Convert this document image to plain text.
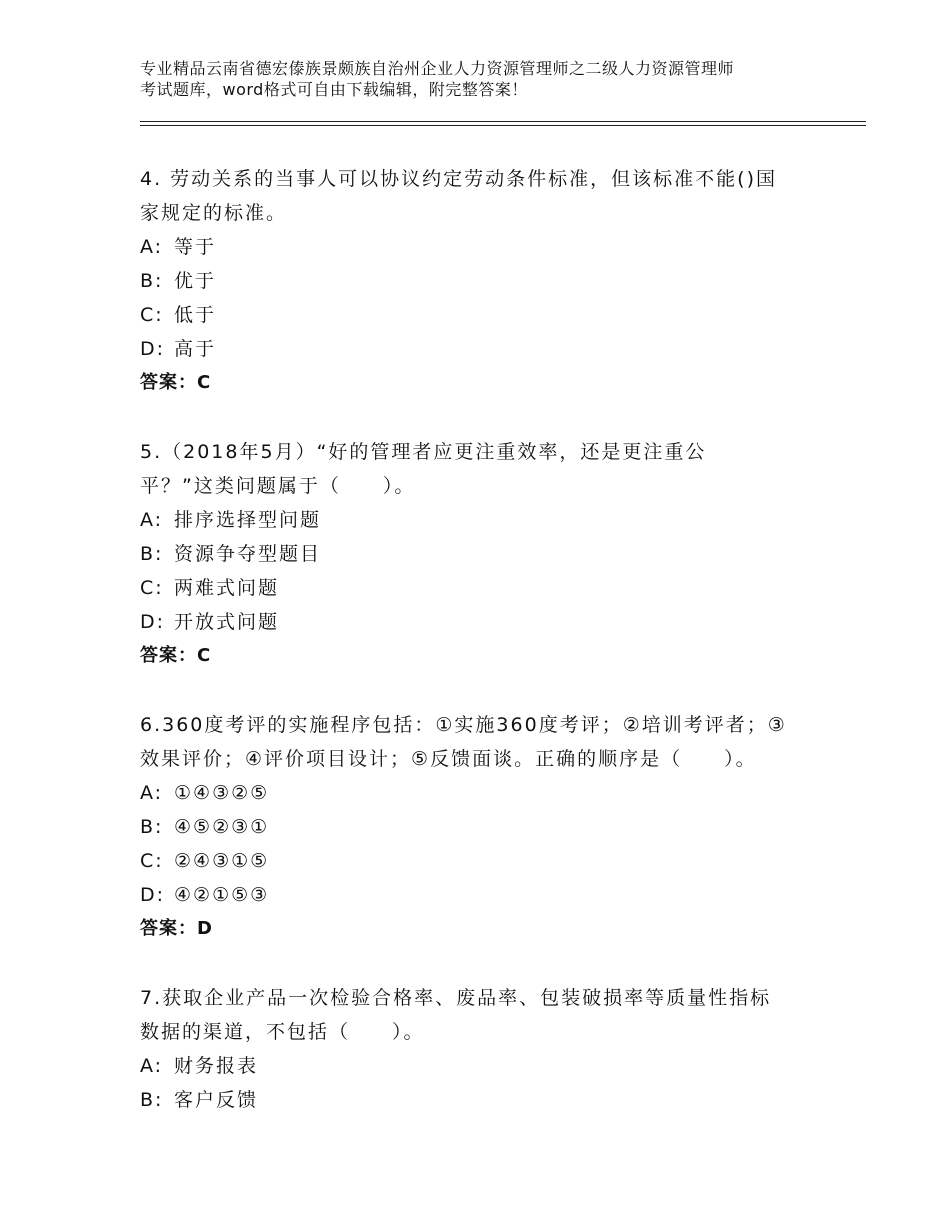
专业精品云南省德宏傣族景颇族自治州企业人力资源管理师之二级人力资源管理师
考试题库，word格式可自由下载编辑，附完整答案！

4. 劳动关系的当事人可以协议约定劳动条件标准，但该标准不能()国

家规定的标准。

A: 等于

B: 优于

C: 低于

D: 高于

答案：C

5.（2018年5月）“好的管理者应更注重效率，还是更注重公

平？”这类问题属于（　　）。

A: 排序选择型问题

B: 资源争夺型题目

C: 两难式问题

D: 开放式问题

答案：C

6.360度考评的实施程序包括：①实施360度考评；②培训考评者；③

效果评价；④评价项目设计；⑤反馈面谈。正确的顺序是（　　）。

A: ①④③②⑤

B: ④⑤②③①

C: ②④③①⑤

D: ④②①⑤③

答案：D

7.获取企业产品一次检验合格率、废品率、包装破损率等质量性指标

数据的渠道，不包括（　　）。

A: 财务报表

B: 客户反馈
